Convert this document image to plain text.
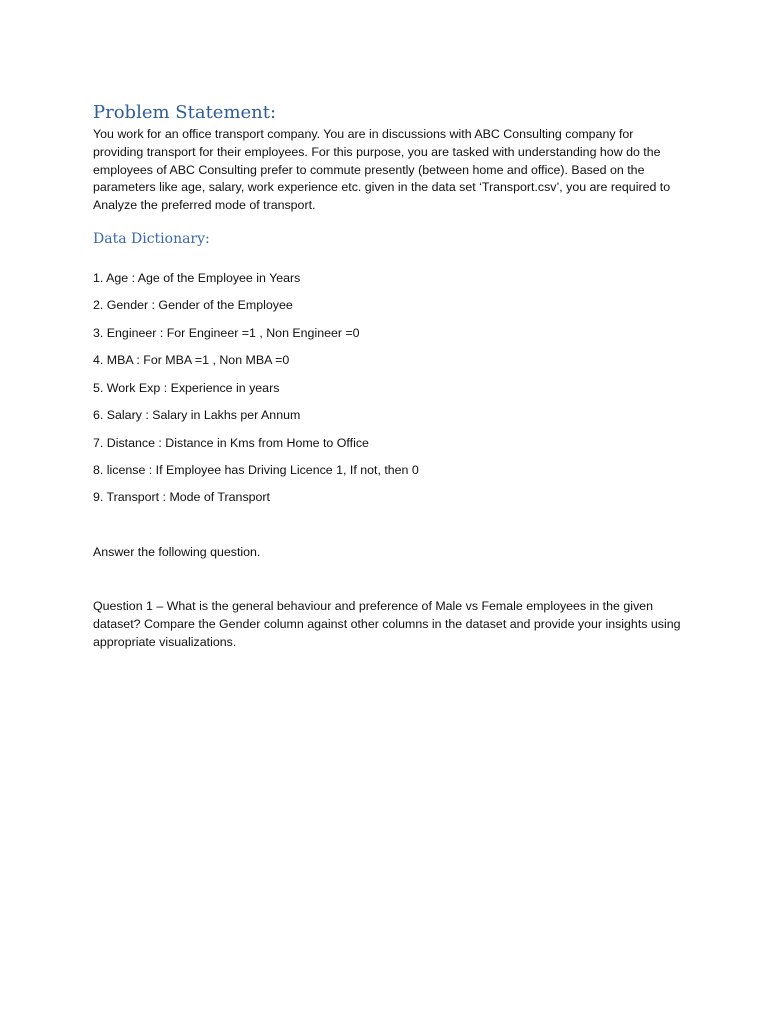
Problem Statement:

You work for an office transport company. You are in discussions with ABC Consulting company for providing transport for their employees. For this purpose, you are tasked with understanding how do the employees of ABC Consulting prefer to commute presently (between home and office). Based on the parameters like age, salary, work experience etc. given in the data set ‘Transport.csv’, you are required to Analyze the preferred mode of transport.

Data Dictionary:
1. Age : Age of the Employee in Years
2. Gender : Gender of the Employee
3. Engineer : For Engineer =1 , Non Engineer =0
4. MBA : For MBA =1 , Non MBA =0
5. Work Exp : Experience in years
6. Salary : Salary in Lakhs per Annum
7. Distance : Distance in Kms from Home to Office
8. license : If Employee has Driving Licence 1, If not, then 0
9. Transport : Mode of Transport

Answer the following question.

Question 1 – What is the general behaviour and preference of Male vs Female employees in the given dataset? Compare the Gender column against other columns in the dataset and provide your insights using appropriate visualizations.
